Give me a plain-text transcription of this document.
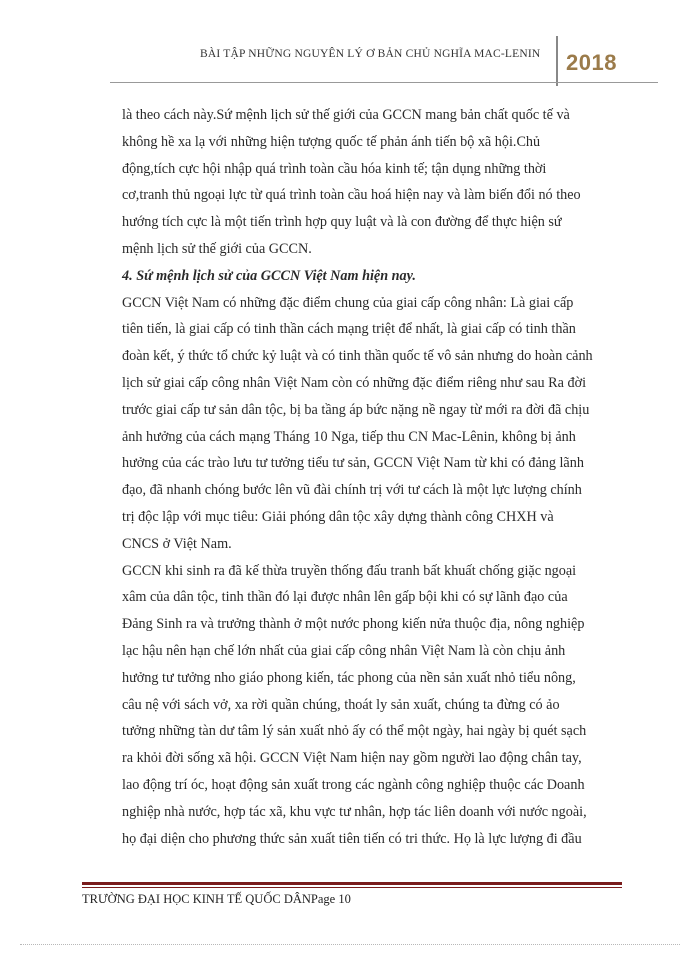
BÀI TẬP NHỮNG NGUYÊN LÝ Ơ BẢN CHỦ NGHĨA MAC-LENIN	2018
là theo cách này.Sứ mệnh lịch sử thế giới của GCCN mang bản chất quốc tế và
không hề xa lạ với những hiện tượng quốc tế phản ánh tiến bộ xã hội.Chủ
động,tích cực hội nhập quá trình toàn cầu hóa kinh tế; tận dụng những thời
cơ,tranh thủ ngoại lực từ quá trình toàn cầu hoá hiện nay và làm biến đổi nó theo
hướng tích cực là một tiến trình hợp quy luật và là con đường để thực hiện sứ
mệnh lịch sử thế giới của GCCN.
4. Sứ mệnh lịch sử của GCCN Việt Nam hiện nay.
GCCN Việt Nam có những đặc điểm chung của giai cấp công nhân: Là giai cấp
tiên tiến, là giai cấp có tinh thần cách mạng triệt để nhất, là giai cấp có tinh thần
đoàn kết, ý thức tổ chức kỷ luật và có tinh thần quốc tế vô sản nhưng do hoàn cảnh
lịch sử giai cấp công nhân Việt Nam còn có những đặc điểm riêng như sau Ra đời
trước giai cấp tư sản dân tộc, bị ba tầng áp bức nặng nề ngay từ mới ra đời đã chịu
ảnh hưởng của cách mạng Tháng 10 Nga, tiếp thu CN Mac-Lênin, không bị ảnh
hưởng của các trào lưu tư tưởng tiểu tư sản, GCCN Việt Nam từ khi có đảng lãnh
đạo, đã nhanh chóng bước lên vũ đài chính trị với tư cách là một lực lượng chính
trị độc lập với mục tiêu: Giải phóng dân tộc xây dựng thành công CHXH và
CNCS ở Việt Nam.
GCCN khi sinh ra đã kế thừa truyền thống đấu tranh bất khuất chống giặc ngoại
xâm của dân tộc, tinh thần đó lại được nhân lên gấp bội khi có sự lãnh đạo của
Đảng Sinh ra và trưởng thành ở một nước phong kiến nửa thuộc địa, nông nghiệp
lạc hậu nên hạn chế lớn nhất của giai cấp công nhân Việt Nam là còn chịu ảnh
hưởng tư tưởng nho giáo phong kiến, tác phong của nền sản xuất nhỏ tiểu nông,
câu nệ với sách vở, xa rời quần chúng, thoát ly sản xuất, chúng ta đừng có ảo
tưởng những tàn dư tâm lý sản xuất nhỏ ấy có thể một ngày, hai ngày bị quét sạch
ra khỏi đời sống xã hội. GCCN Việt Nam hiện nay gồm người lao động chân tay,
lao động trí óc, hoạt động sản xuất trong các ngành công nghiệp thuộc các Doanh
nghiệp nhà nước, hợp tác xã, khu vực tư nhân, hợp tác liên doanh với nước ngoài,
họ đại diện cho phương thức sản xuất tiên tiến có tri thức. Họ là lực lượng đi đầu
TRƯỜNG ĐẠI HỌC KINH TẾ QUỐC DÂNPage 10
